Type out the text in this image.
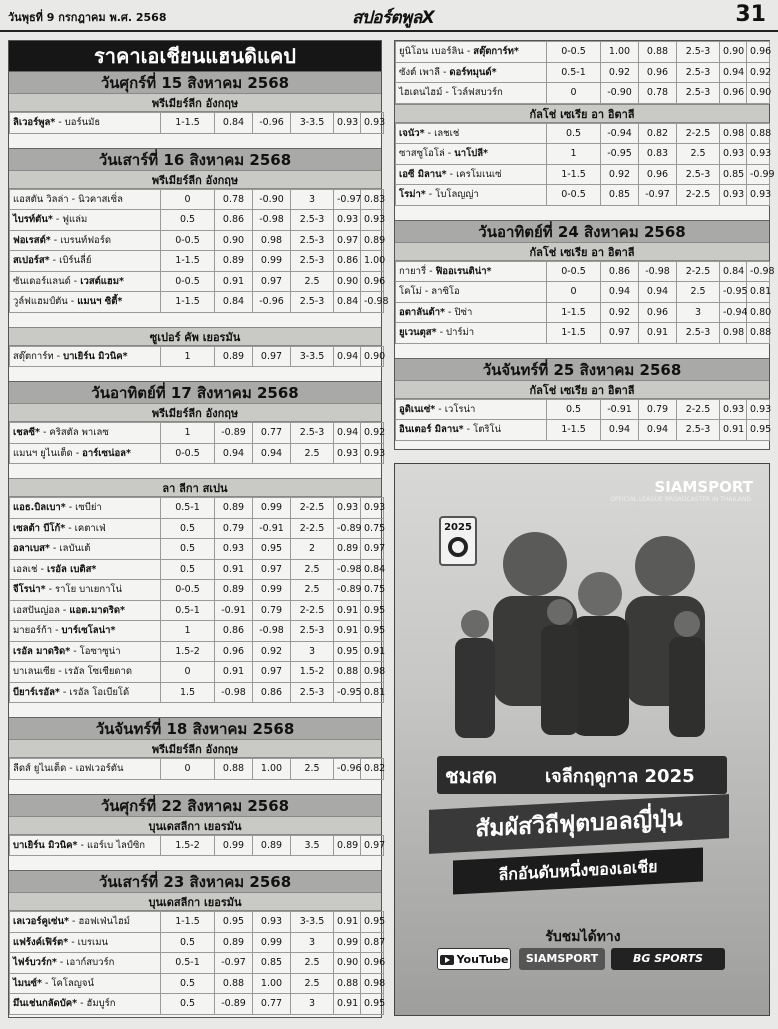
วันพุธที่ 9 กรกฎาคม พ.ศ. 2568	สปอร์ตพูลX	31
ราคาเอเชียนแฮนดิแคป
วันศุกร์ที่ 15 สิงหาคม 2568
พรีเมียร์ลีก อังกฤษ
ลิเวอร์พูล* - บอร์นมัธ	1-1.5	0.84	-0.96	3-3.5	0.93	0.93
วันเสาร์ที่ 16 สิงหาคม 2568
พรีเมียร์ลีก อังกฤษ
แอสตัน วิลล่า - นิวคาสเซิ่ล	0	0.78	-0.90	3	-0.97	0.83
ไบรท์ตัน* - ฟูแล่ม	0.5	0.86	-0.98	2.5-3	0.93	0.93
ฟอเรสต์* - เบรนท์ฟอร์ด	0-0.5	0.90	0.98	2.5-3	0.97	0.89
สเปอร์ส* - เบิร์นลี่ย์	1-1.5	0.89	0.99	2.5-3	0.86	1.00
ซันเดอร์แลนด์ - เวสต์แฮม*	0-0.5	0.91	0.97	2.5	0.90	0.96
วูล์ฟแฮมป์ตัน - แมนฯ ซิตี้*	1-1.5	0.84	-0.96	2.5-3	0.84	-0.98
ซูเปอร์ คัพ เยอรมัน
สตุ๊ตการ์ท - บาเยิร์น มิวนิค*	1	0.89	0.97	3-3.5	0.94	0.90
วันอาทิตย์ที่ 17 สิงหาคม 2568
พรีเมียร์ลีก อังกฤษ
เชลซี* - คริสตัล พาเลซ	1	-0.89	0.77	2.5-3	0.94	0.92
แมนฯ ยูไนเต็ด - อาร์เซน่อล*	0-0.5	0.94	0.94	2.5	0.93	0.93
ลา ลีกา สเปน
แอธ.บิลเบา* - เซบีย่า	0.5-1	0.89	0.99	2-2.5	0.93	0.93
เซลต้า บีโก้* - เคตาเฟ่	0.5	0.79	-0.91	2-2.5	-0.89	0.75
อลาเบส* - เลบันเต้	0.5	0.93	0.95	2	0.89	0.97
เอลเช่ - เรอัล เบติส*	0.5	0.91	0.97	2.5	-0.98	0.84
จีโรน่า* - ราโย บาเยกาโน่	0-0.5	0.89	0.99	2.5	-0.89	0.75
เอสปันญ่อล - แอต.มาดริด*	0.5-1	-0.91	0.79	2-2.5	0.91	0.95
มายอร์ก้า - บาร์เซโลน่า*	1	0.86	-0.98	2.5-3	0.91	0.95
เรอัล มาดริด* - โอซาซูน่า	1.5-2	0.96	0.92	3	0.95	0.91
บาเลนเซีย - เรอัล โซเซียดาด	0	0.91	0.97	1.5-2	0.88	0.98
บียาร์เรอัล* - เรอัล โอเบียโด้	1.5	-0.98	0.86	2.5-3	-0.95	0.81
วันจันทร์ที่ 18 สิงหาคม 2568
พรีเมียร์ลีก อังกฤษ
ลีดส์ ยูไนเต็ด - เอฟเวอร์ตัน	0	0.88	1.00	2.5	-0.96	0.82
วันศุกร์ที่ 22 สิงหาคม 2568
บุนเดสลีกา เยอรมัน
บาเยิร์น มิวนิค* - แอร์เบ ไลป์ซิก	1.5-2	0.99	0.89	3.5	0.89	0.97
วันเสาร์ที่ 23 สิงหาคม 2568
บุนเดสลีกา เยอรมัน
เลเวอร์คูเซ่น* - ฮอฟเฟ่นไฮม์	1-1.5	0.95	0.93	3-3.5	0.91	0.95
แฟร้งค์เฟิร์ต* - เบรเมน	0.5	0.89	0.99	3	0.99	0.87
ไฟร์บวร์ก* - เอาก์สบวร์ก	0.5-1	-0.97	0.85	2.5	0.90	0.96
ไมนซ์* - โคโลญจน์	0.5	0.88	1.00	2.5	0.88	0.98
มึนเช่นกลัดบัค* - ฮัมบูร์ก	0.5	-0.89	0.77	3	0.91	0.95
ยูนิโอน เบอร์ลิน - สตุ๊ตการ์ท*	0-0.5	1.00	0.88	2.5-3	0.90	0.96
ซังต์ เพาลี - ดอร์ทมุนด์*	0.5-1	0.92	0.96	2.5-3	0.94	0.92
ไฮเดนไฮม์ - โวล์ฟสบวร์ก	0	-0.90	0.78	2.5-3	0.96	0.90
กัลโช่ เซเรีย อา อิตาลี
เจนัว* - เลชเช่	0.5	-0.94	0.82	2-2.5	0.98	0.88
ซาสซูโอโล่ - นาโปลี*	1	-0.95	0.83	2.5	0.93	0.93
เอซี มิลาน* - เครโมเนเซ่	1-1.5	0.92	0.96	2.5-3	0.85	-0.99
โรม่า* - โบโลญญ่า	0-0.5	0.85	-0.97	2-2.5	0.93	0.93
วันอาทิตย์ที่ 24 สิงหาคม 2568
กัลโช่ เซเรีย อา อิตาลี
กายารี่ - ฟิออเรนติน่า*	0-0.5	0.86	-0.98	2-2.5	0.84	-0.98
โคโม่ - ลาซิโอ	0	0.94	0.94	2.5	-0.95	0.81
อตาลันต้า* - ปิซ่า	1-1.5	0.92	0.96	3	-0.94	0.80
ยูเวนตุส* - ปาร์ม่า	1-1.5	0.97	0.91	2.5-3	0.98	0.88
วันจันทร์ที่ 25 สิงหาคม 2568
กัลโช่ เซเรีย อา อิตาลี
อูดิเนเซ่* - เวโรน่า	0.5	-0.91	0.79	2-2.5	0.93	0.93
อินเตอร์ มิลาน* - โตริโน่	1-1.5	0.94	0.94	2.5-3	0.91	0.95
SIAMSPORT
OFFICIAL LEAGUE BROADCASTER IN THAILAND
2025
ชมสด	เจลีกฤดูกาล 2025
สัมผัสวิถีฟุตบอลญี่ปุ่น
ลีกอันดับหนึ่งของเอเชีย
รับชมได้ทาง
YouTube	SIAMSPORT	BG SPORTS
